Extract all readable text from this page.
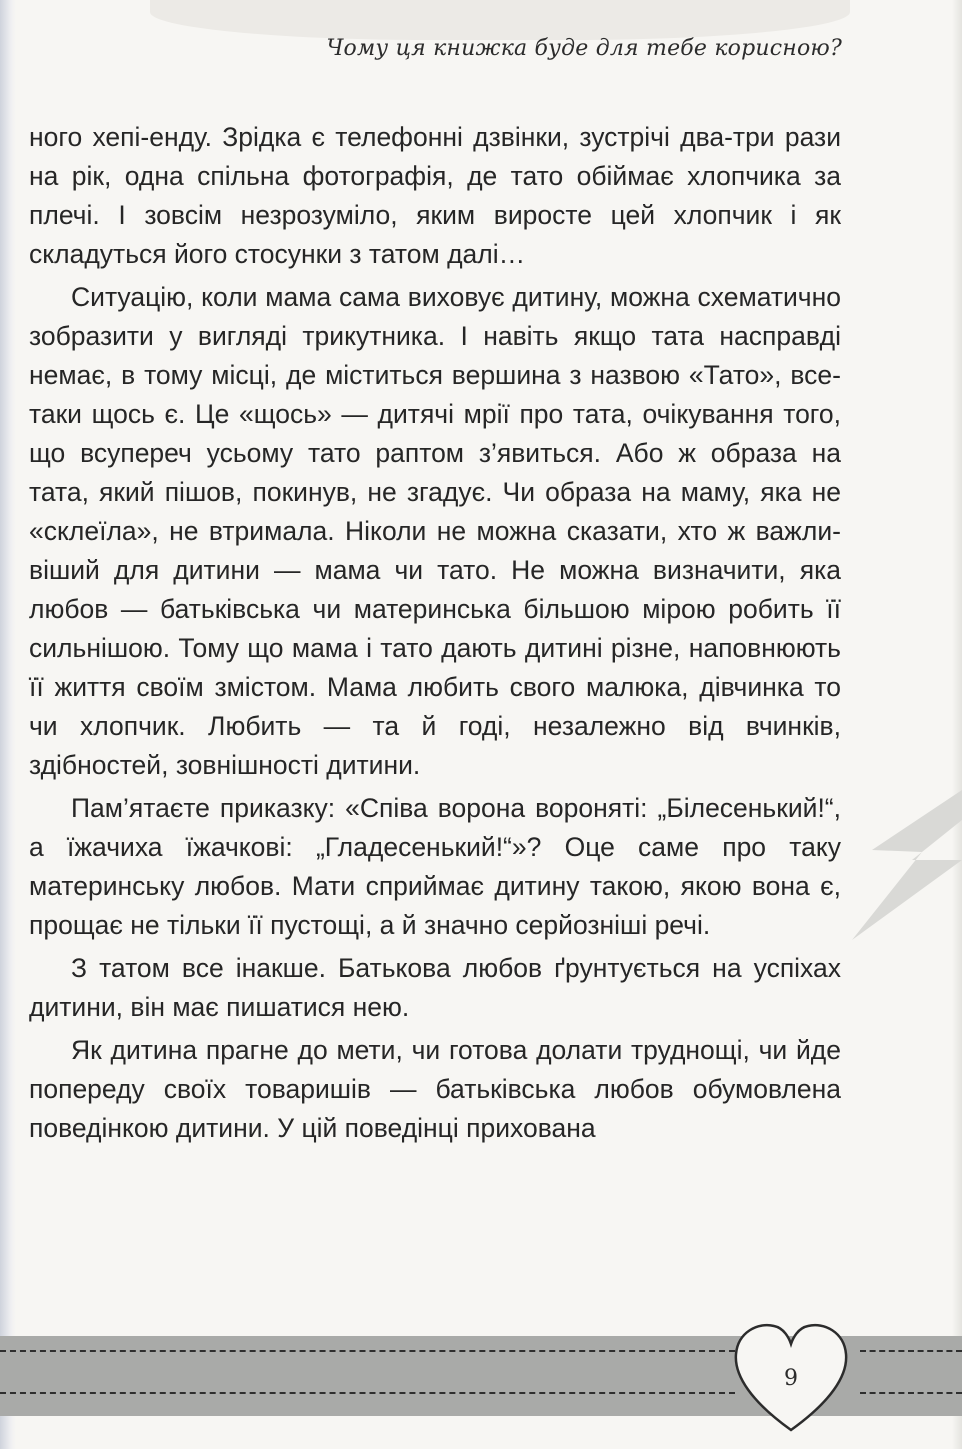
Чому ця книжка буде для тебе корисною?

ного хепі-енду. Зрідка є телефонні дзвінки, зустрічі два-три рази на рік, одна спільна фотографія, де тато обіймає хлопчика за плечі. І зовсім незрозуміло, яким виросте цей хлопчик і як складуться його стосунки з татом далі…

Ситуацію, коли мама сама виховує дитину, можна схематично зобразити у вигляді трикутника. І навіть якщо тата насправді немає, в тому місці, де міститься вершина з назвою «Тато», все-таки щось є. Це «щось» — дитячі мрії про тата, очікування того, що всупереч усьому тато раптом з’явиться. Або ж образа на тата, який пішов, покинув, не згадує. Чи образа на маму, яка не «склеїла», не втримала. Ніколи не можна сказати, хто ж важливіший для дитини — мама чи тато. Не можна визначити, яка любов — батьківська чи материнська більшою мірою робить її сильнішою. Тому що мама і тато дають дитині різне, наповнюють її життя своїм змістом. Мама любить свого малюка, дівчинка то чи хлопчик. Любить — та й годі, незалежно від вчинків, здібностей, зовнішності дитини.

Пам’ятаєте приказку: «Співа ворона вороняті: „Білесенький!“, а їжачиха їжачкові: „Гладесенький!“»? Оце саме про таку материнську любов. Мати сприймає дитину такою, якою вона є, прощає не тільки її пустощі, а й значно серйозніші речі.

З татом все інакше. Батькова любов ґрунтується на успіхах дитини, він має пишатися нею.

Як дитина прагне до мети, чи готова долати труднощі, чи йде попереду своїх товаришів — батьківська любов обумовлена поведінкою дитини. У цій поведінці прихована

9
